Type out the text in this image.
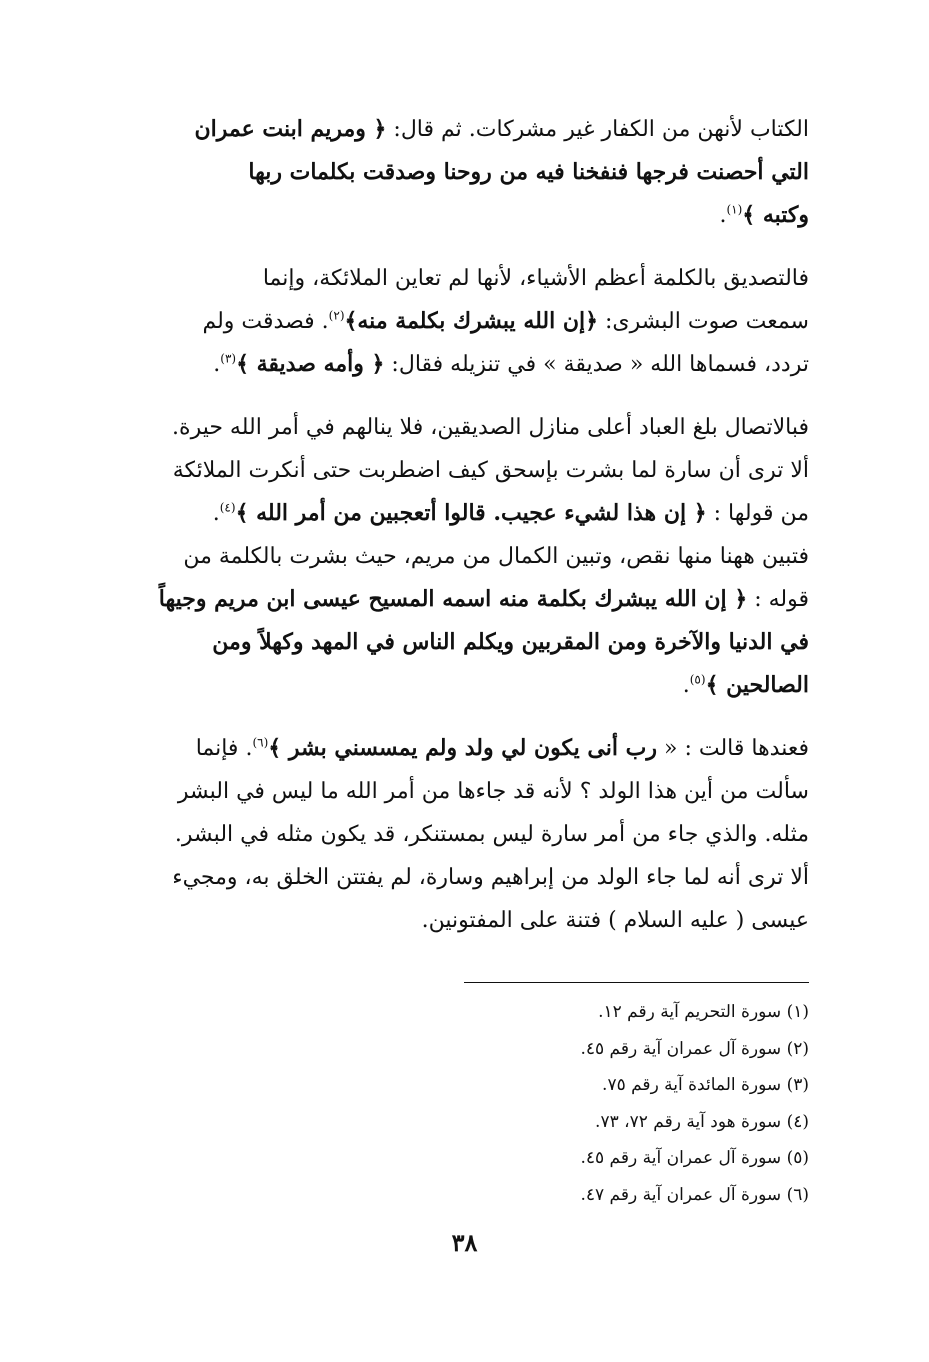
الكتاب لأنهن من الكفار غير مشركات. ثم قال: ﴿ ومريم ابنت عمران
التي أحصنت فرجها فنفخنا فيه من روحنا وصدقت بكلمات ربها
وكتبه ﴾$^{(١)}$.
فالتصديق بالكلمة أعظم الأشياء، لأنها لم تعاين الملائكة، وإنما
سمعت صوت البشرى: ﴿إن الله يبشرك بكلمة منه﴾$^{(٢)}$. فصدقت ولم
تردد، فسماها الله « صديقة » في تنزيله فقال: ﴿ وأمه صديقة ﴾$^{(٣)}$.
فبالاتصال بلغ العباد أعلى منازل الصديقين، فلا ينالهم في أمر الله حيرة.
ألا ترى أن سارة لما بشرت بإسحق كيف اضطربت حتى أنكرت الملائكة
من قولها : ﴿ إن هذا لشيء عجيب. قالوا أتعجبين من أمر الله ﴾$^{(٤)}$.
فتبين ههنا منها نقص، وتبين الكمال من مريم، حيث بشرت بالكلمة من
قوله : ﴿ إن الله يبشرك بكلمة منه اسمه المسيح عيسى ابن مريم وجيهاً
في الدنيا والآخرة ومن المقربين ويكلم الناس في المهد وكهلاً ومن
الصالحين ﴾$^{(٥)}$.
فعندها قالت : « رب أنى يكون لي ولد ولم يمسسني بشر ﴾$^{(٦)}$. فإنما
سألت من أين هذا الولد ؟ لأنه قد جاءها من أمر الله ما ليس في البشر
مثله. والذي جاء من أمر سارة ليس بمستنكر، قد يكون مثله في البشر.
ألا ترى أنه لما جاء الولد من إبراهيم وسارة، لم يفتتن الخلق به، ومجيء
عيسى ( عليه السلام ) فتنة على المفتونين.
(١) سورة التحريم آية رقم ١٢.
(٢) سورة آل عمران آية رقم ٤٥.
(٣) سورة المائدة آية رقم ٧٥.
(٤) سورة هود آية رقم ٧٢، ٧٣.
(٥) سورة آل عمران آية رقم ٤٥.
(٦) سورة آل عمران آية رقم ٤٧.
٣٨
